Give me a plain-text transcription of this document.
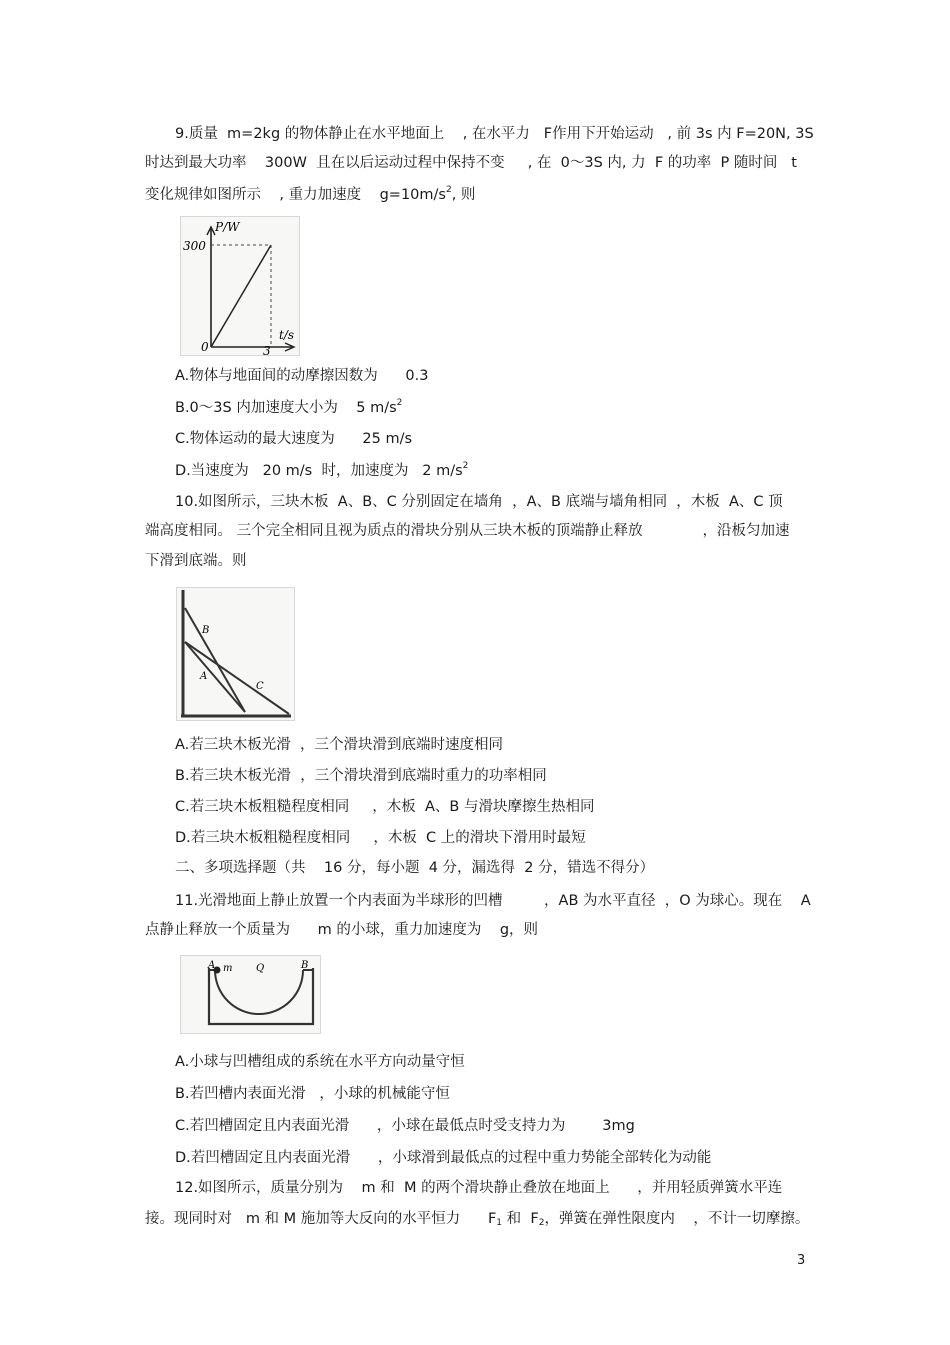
9.质量  m=2kg 的物体静止在水平地面上    , 在水平力   F作用下开始运动   , 前 3s 内 F=20N, 3S
时达到最大功率    300W  且在以后运动过程中保持不变     , 在  0～3S 内, 力  F 的功率  P 随时间   t
变化规律如图所示    , 重力加速度    $g=10m/s^2$, 则
P/W
t/s
300
3
0
A.物体与地面间的动摩擦因数为      0.3
B.0～3S 内加速度大小为    5 $m/s^2$
C.物体运动的最大速度为      25 m/s
D.当速度为   20 m/s  时，加速度为   2 $m/s^2$
10.如图所示，三块木板  A、B、C 分别固定在墙角  ，A、B 底端与墙角相同  ，木板  A、C 顶
端高度相同。 三个完全相同且视为质点的滑块分别从三块木板的顶端静止释放             ，沿板匀加速
下滑到底端。则
B
A
C
A.若三块木板光滑  ，三个滑块滑到底端时速度相同
B.若三块木板光滑  ，三个滑块滑到底端时重力的功率相同
C.若三块木板粗糙程度相同     ，木板  A、B 与滑块摩擦生热相同
D.若三块木板粗糙程度相同     ，木板  C 上的滑块下滑用时最短
二、多项选择题（共    16 分，每小题  4 分，漏选得  2 分，错选不得分）
11.光滑地面上静止放置一个内表面为半球形的凹槽         ，AB 为水平直径  ，O 为球心。现在    A
点静止释放一个质量为      m 的小球，重力加速度为    g，则
A m Q	B
A.小球与凹槽组成的系统在水平方向动量守恒
B.若凹槽内表面光滑   ，小球的机械能守恒
C.若凹槽固定且内表面光滑      ，小球在最低点时受支持力为        3mg
D.若凹槽固定且内表面光滑      ，小球滑到最低点的过程中重力势能全部转化为动能
12.如图所示，质量分别为    m 和  M 的两个滑块静止叠放在地面上      ，并用轻质弹簧水平连
接。现同时对   m 和 M 施加等大反向的水平恒力      $F_1$ 和  $F_2$，弹簧在弹性限度内    ，不计一切摩擦。
3
